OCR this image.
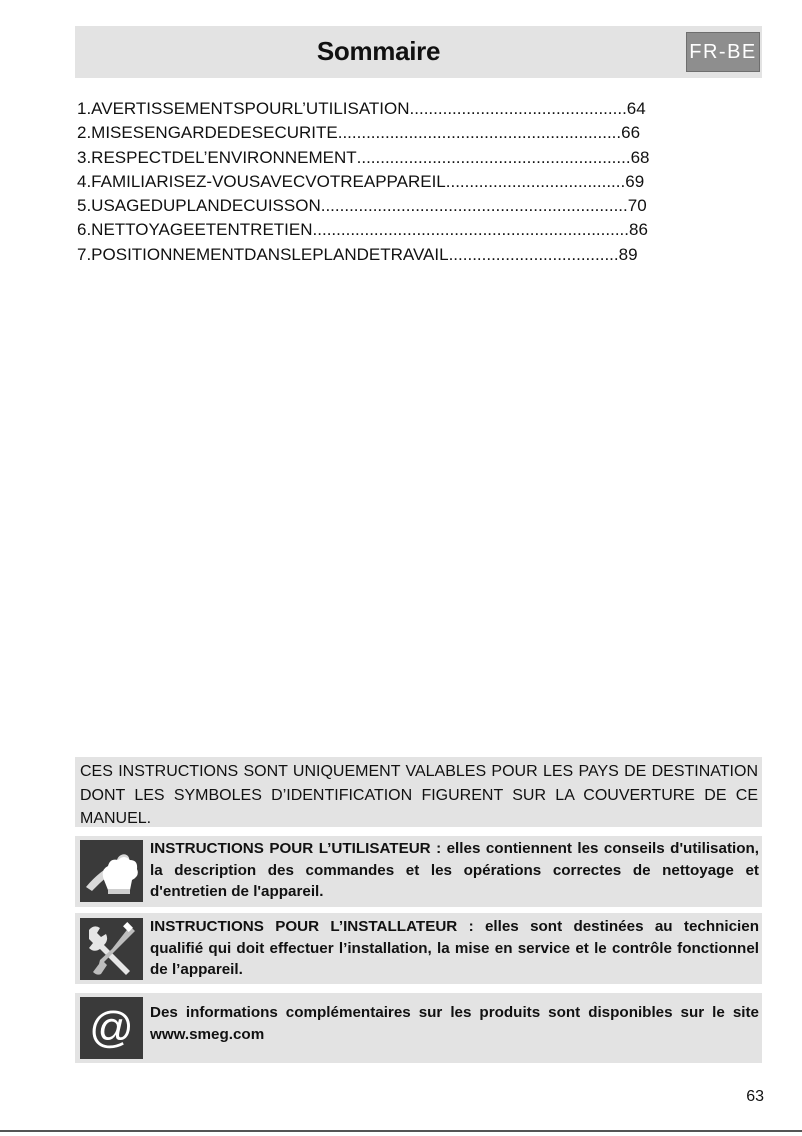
Sommaire	FR-BE
1.AVERTISSEMENTSPOURL’UTILISATION .............................................. 64
2.MISESENGARDEDESECURITE ............................................................ 66
3.RESPECTDEL’ENVIRONNEMENT .......................................................... 68
4.FAMILIARISEZ-VOUSAVECVOTREAPPAREIL ...................................... 69
5.USAGEDUPLANDECUISSON ................................................................. 70
6.NETTOYAGEETENTRETIEN ................................................................... 86
7.POSITIONNEMENTDANSLEPLANDETRAVAIL .................................... 89
CES INSTRUCTIONS SONT UNIQUEMENT VALABLES POUR LES PAYS DE DESTINATION DONT LES SYMBOLES D’IDENTIFICATION FIGURENT SUR LA COUVERTURE DE CE MANUEL.
INSTRUCTIONS POUR L’UTILISATEUR : elles contiennent les conseils d'utilisation, la description des commandes et les opérations correctes de nettoyage et d'entretien de l'appareil.
INSTRUCTIONS POUR L’INSTALLATEUR : elles sont destinées au technicien qualifié qui doit effectuer l’installation, la mise en service et le contrôle fonctionnel de l’appareil.
@ Des informations complémentaires sur les produits sont disponibles sur le site www.smeg.com
63
